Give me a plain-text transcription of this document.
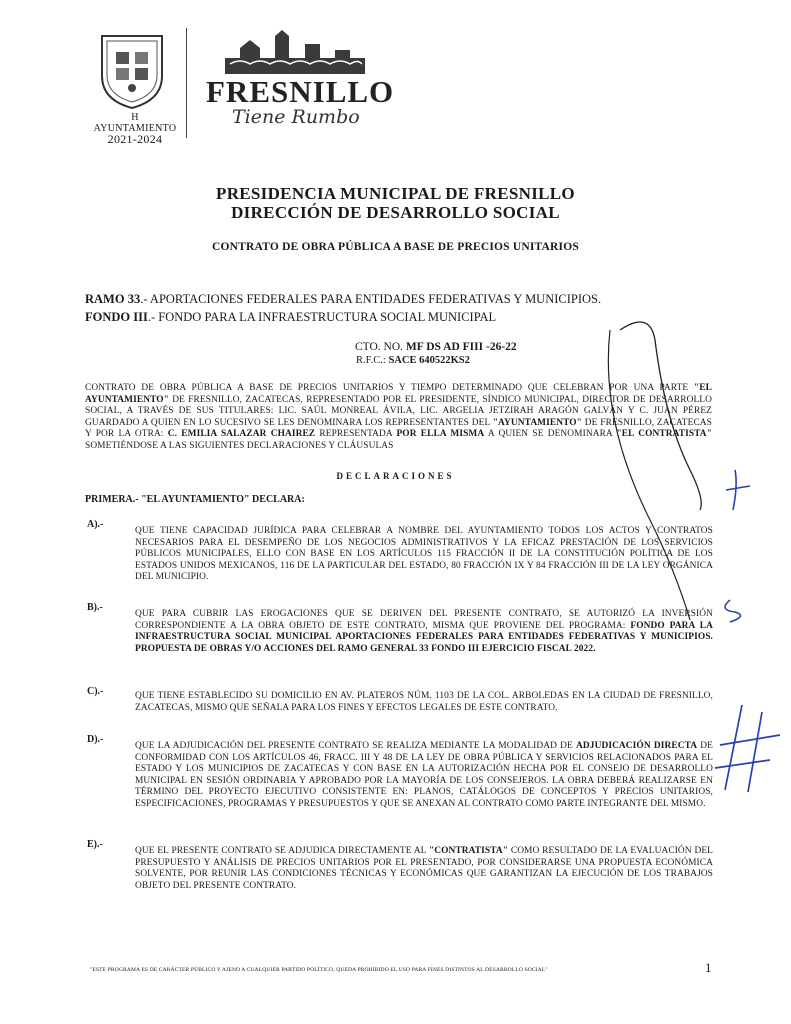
H AYUNTAMIENTO
2021-2024
FRESNILLO
Tiene Rumbo
PRESIDENCIA MUNICIPAL DE FRESNILLO
DIRECCIÓN DE DESARROLLO SOCIAL
CONTRATO DE OBRA PÚBLICA A BASE DE PRECIOS UNITARIOS
RAMO 33.- APORTACIONES FEDERALES PARA ENTIDADES FEDERATIVAS Y MUNICIPIOS.
FONDO III.- FONDO PARA LA INFRAESTRUCTURA SOCIAL MUNICIPAL
CTO. NO. MF DS AD FIII -26-22
R.F.C.: SACE 640522KS2
CONTRATO DE OBRA PÚBLICA A BASE DE PRECIOS UNITARIOS Y TIEMPO DETERMINADO QUE CELEBRAN POR UNA PARTE "EL AYUNTAMIENTO" DE FRESNILLO, ZACATECAS, REPRESENTADO POR EL PRESIDENTE, SÍNDICO MUNICIPAL, DIRECTOR DE DESARROLLO SOCIAL, A TRAVÉS DE SUS TITULARES: LIC. SAÚL MONREAL ÁVILA, LIC. ARGELIA JETZIRAH ARAGÓN GALVÁN Y C. JUAN PÉREZ GUARDADO A QUIEN EN LO SUCESIVO SE LES DENOMINARA LOS REPRESENTANTES DEL "AYUNTAMIENTO" DE FRESNILLO, ZACATECAS Y POR LA OTRA: C. EMILIA SALAZAR CHAIREZ REPRESENTADA POR ELLA MISMA A QUIEN SE DENOMINARA "EL CONTRATISTA" SOMETIÉNDOSE A LAS SIGUIENTES DECLARACIONES Y CLÁUSULAS
DECLARACIONES
PRIMERA.- "EL AYUNTAMIENTO" DECLARA:
A).-
QUE TIENE CAPACIDAD JURÍDICA PARA CELEBRAR A NOMBRE DEL AYUNTAMIENTO TODOS LOS ACTOS Y CONTRATOS NECESARIOS PARA EL DESEMPEÑO DE LOS NEGOCIOS ADMINISTRATIVOS Y LA EFICAZ PRESTACIÓN DE LOS SERVICIOS PÚBLICOS MUNICIPALES, ELLO CON BASE EN LOS ARTÍCULOS 115 FRACCIÓN II DE LA CONSTITUCIÓN POLÍTICA DE LOS ESTADOS UNIDOS MEXICANOS, 116 DE LA PARTICULAR DEL ESTADO, 80 FRACCIÓN IX Y 84 FRACCIÓN III DE LA LEY ORGÁNICA DEL MUNICIPIO.
B).-
QUE PARA CUBRIR LAS EROGACIONES QUE SE DERIVEN DEL PRESENTE CONTRATO, SE AUTORIZÓ LA INVERSIÓN CORRESPONDIENTE A LA OBRA OBJETO DE ESTE CONTRATO, MISMA QUE PROVIENE DEL PROGRAMA: FONDO PARA LA INFRAESTRUCTURA SOCIAL MUNICIPAL APORTACIONES FEDERALES PARA ENTIDADES FEDERATIVAS Y MUNICIPIOS. PROPUESTA DE OBRAS Y/O ACCIONES DEL RAMO GENERAL 33 FONDO III EJERCICIO FISCAL 2022.
C).-	QUE TIENE ESTABLECIDO SU DOMICILIO EN AV. PLATEROS NÚM. 1103 DE LA COL. ARBOLEDAS EN LA CIUDAD DE FRESNILLO, ZACATECAS, MISMO QUE SEÑALA PARA LOS FINES Y EFECTOS LEGALES DE ESTE CONTRATO.
D).-
QUE LA ADJUDICACIÓN DEL PRESENTE CONTRATO SE REALIZA MEDIANTE LA MODALIDAD DE ADJUDICACIÓN DIRECTA DE CONFORMIDAD CON LOS ARTÍCULOS 46, FRACC. III Y 48 DE LA LEY DE OBRA PÚBLICA Y SERVICIOS RELACIONADOS PARA EL ESTADO Y LOS MUNICIPIOS DE ZACATECAS Y CON BASE EN LA AUTORIZACIÓN HECHA POR EL CONSEJO DE DESARROLLO MUNICIPAL EN SESIÓN ORDINARIA Y APROBADO POR LA MAYORÍA DE LOS CONSEJEROS. LA OBRA DEBERÁ REALIZARSE EN TÉRMINO DEL PROYECTO EJECUTIVO CONSISTENTE EN: PLANOS, CATÁLOGOS DE CONCEPTOS Y PRECIOS UNITARIOS, ESPECIFICACIONES, PROGRAMAS Y PRESUPUESTOS Y QUE SE ANEXAN AL CONTRATO COMO PARTE INTEGRANTE DEL MISMO.
E).-
QUE EL PRESENTE CONTRATO SE ADJUDICA DIRECTAMENTE AL "CONTRATISTA" COMO RESULTADO DE LA EVALUACIÓN DEL PRESUPUESTO Y ANÁLISIS DE PRECIOS UNITARIOS POR EL PRESENTADO, POR CONSIDERARSE UNA PROPUESTA ECONÓMICA SOLVENTE, POR REUNIR LAS CONDICIONES TÉCNICAS Y ECONÓMICAS QUE GARANTIZAN LA EJECUCIÓN DE LOS TRABAJOS OBJETO DEL PRESENTE CONTRATO.
"ESTE PROGRAMA ES DE CARÁCTER PÚBLICO Y AJENO A CUALQUIER PARTIDO POLÍTICO, QUEDA PROHIBIDO EL USO PARA FINES DISTINTOS AL DESARROLLO SOCIAL"	1
